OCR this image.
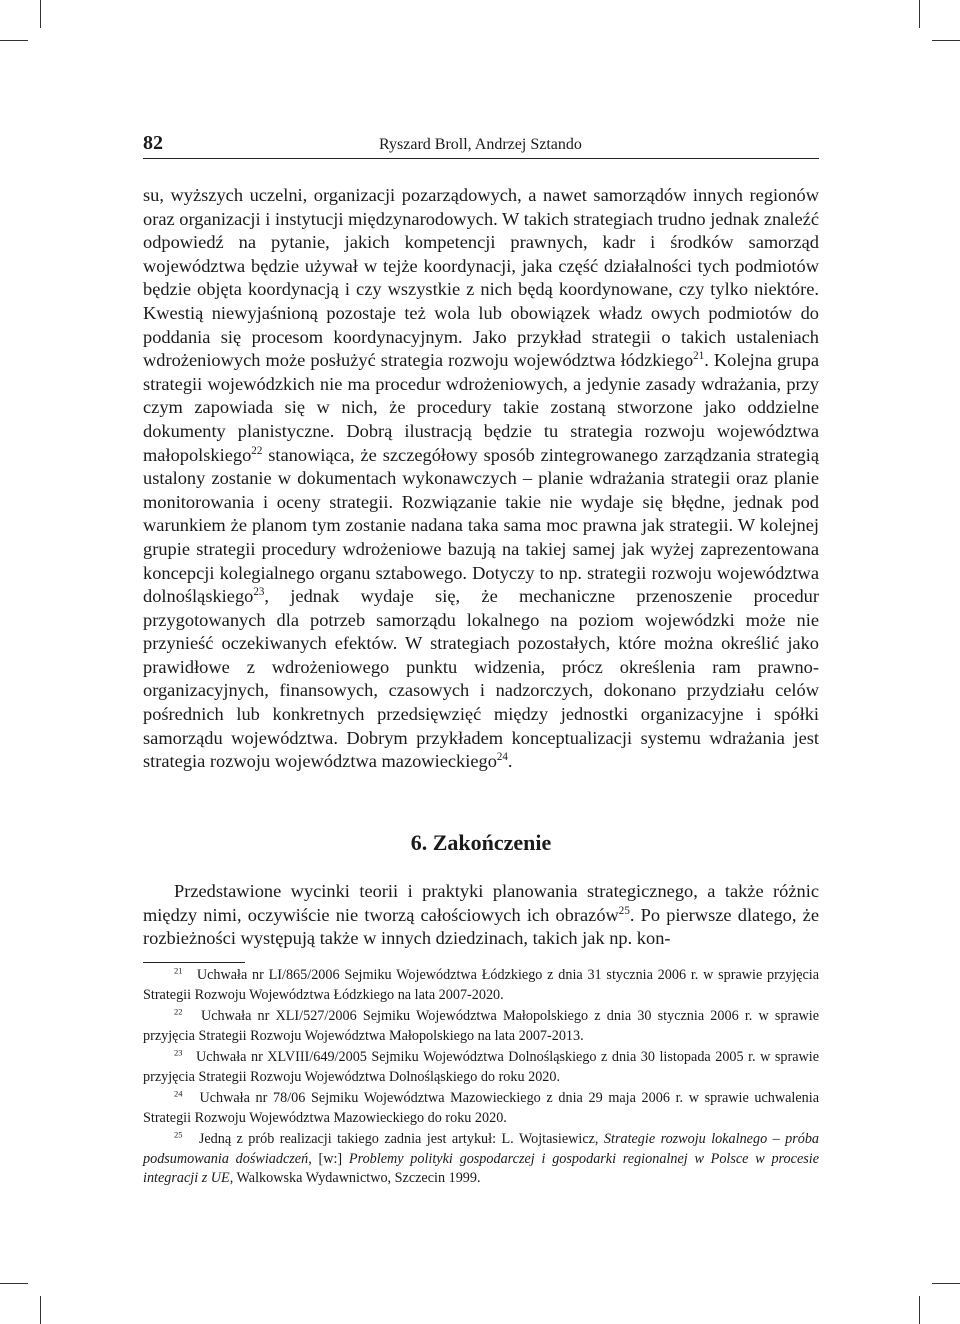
82	Ryszard Broll, Andrzej Sztando

su, wyższych uczelni, organizacji pozarządowych, a nawet samorządów innych regionów oraz organizacji i instytucji międzynarodowych. W takich strategiach trudno jednak znaleźć odpowiedź na pytanie, jakich kompetencji prawnych, kadr i środków samorząd województwa będzie używał w tejże koordynacji, jaka część działalności tych podmiotów będzie objęta koordynacją i czy wszystkie z nich będą koordynowane, czy tylko niektóre. Kwestią niewyjaśnioną pozostaje też wola lub obowiązek władz owych podmiotów do poddania się procesom koordynacyjnym. Jako przykład strategii o takich ustaleniach wdrożeniowych może posłużyć strategia rozwoju województwa łódzkiego$^{21}$. Kolejna grupa strategii wojewódzkich nie ma procedur wdrożeniowych, a jedynie zasady wdrażania, przy czym zapowiada się w nich, że procedury takie zostaną stworzone jako oddzielne dokumenty planistyczne. Dobrą ilustracją będzie tu strategia rozwoju województwa małopolskiego$^{22}$ stanowiąca, że szczegółowy sposób zintegrowanego zarządzania strategią ustalony zostanie w dokumentach wykonawczych – planie wdrażania strategii oraz planie monitorowania i oceny strategii. Rozwiązanie takie nie wydaje się błędne, jednak pod warunkiem że planom tym zostanie nadana taka sama moc prawna jak strategii. W kolejnej grupie strategii procedury wdrożeniowe bazują na takiej samej jak wyżej zaprezentowana koncepcji kolegialnego organu sztabowego. Dotyczy to np. strategii rozwoju województwa dolnośląskiego$^{23}$, jednak wydaje się, że mechaniczne przenoszenie procedur przygotowanych dla potrzeb samorządu lokalnego na poziom wojewódzki może nie przynieść oczekiwanych efektów. W strategiach pozostałych, które można określić jako prawidłowe z wdrożeniowego punktu widzenia, prócz określenia ram prawno-organizacyjnych, finansowych, czasowych i nadzorczych, dokonano przydziału celów pośrednich lub konkretnych przedsięwzięć między jednostki organizacyjne i spółki samorządu województwa. Dobrym przykładem konceptualizacji systemu wdrażania jest strategia rozwoju województwa mazowieckiego$^{24}$.

6. Zakończenie

Przedstawione wycinki teorii i praktyki planowania strategicznego, a także różnic między nimi, oczywiście nie tworzą całościowych ich obrazów$^{25}$. Po pierwsze dlatego, że rozbieżności występują także w innych dziedzinach, takich jak np. kon-

$^{21}$ Uchwała nr LI/865/2006 Sejmiku Województwa Łódzkiego z dnia 31 stycznia 2006 r. w sprawie przyjęcia Strategii Rozwoju Województwa Łódzkiego na lata 2007-2020.

$^{22}$ Uchwała nr XLI/527/2006 Sejmiku Województwa Małopolskiego z dnia 30 stycznia 2006 r. w sprawie przyjęcia Strategii Rozwoju Województwa Małopolskiego na lata 2007-2013.

$^{23}$ Uchwała nr XLVIII/649/2005 Sejmiku Województwa Dolnośląskiego z dnia 30 listopada 2005 r. w sprawie przyjęcia Strategii Rozwoju Województwa Dolnośląskiego do roku 2020.

$^{24}$ Uchwała nr 78/06 Sejmiku Województwa Mazowieckiego z dnia 29 maja 2006 r. w sprawie uchwalenia Strategii Rozwoju Województwa Mazowieckiego do roku 2020.

$^{25}$ Jedną z prób realizacji takiego zadnia jest artykuł: L. Wojtasiewicz, Strategie rozwoju lokalnego – próba podsumowania doświadczeń, [w:] Problemy polityki gospodarczej i gospodarki regionalnej w Polsce w procesie integracji z UE, Walkowska Wydawnictwo, Szczecin 1999.
